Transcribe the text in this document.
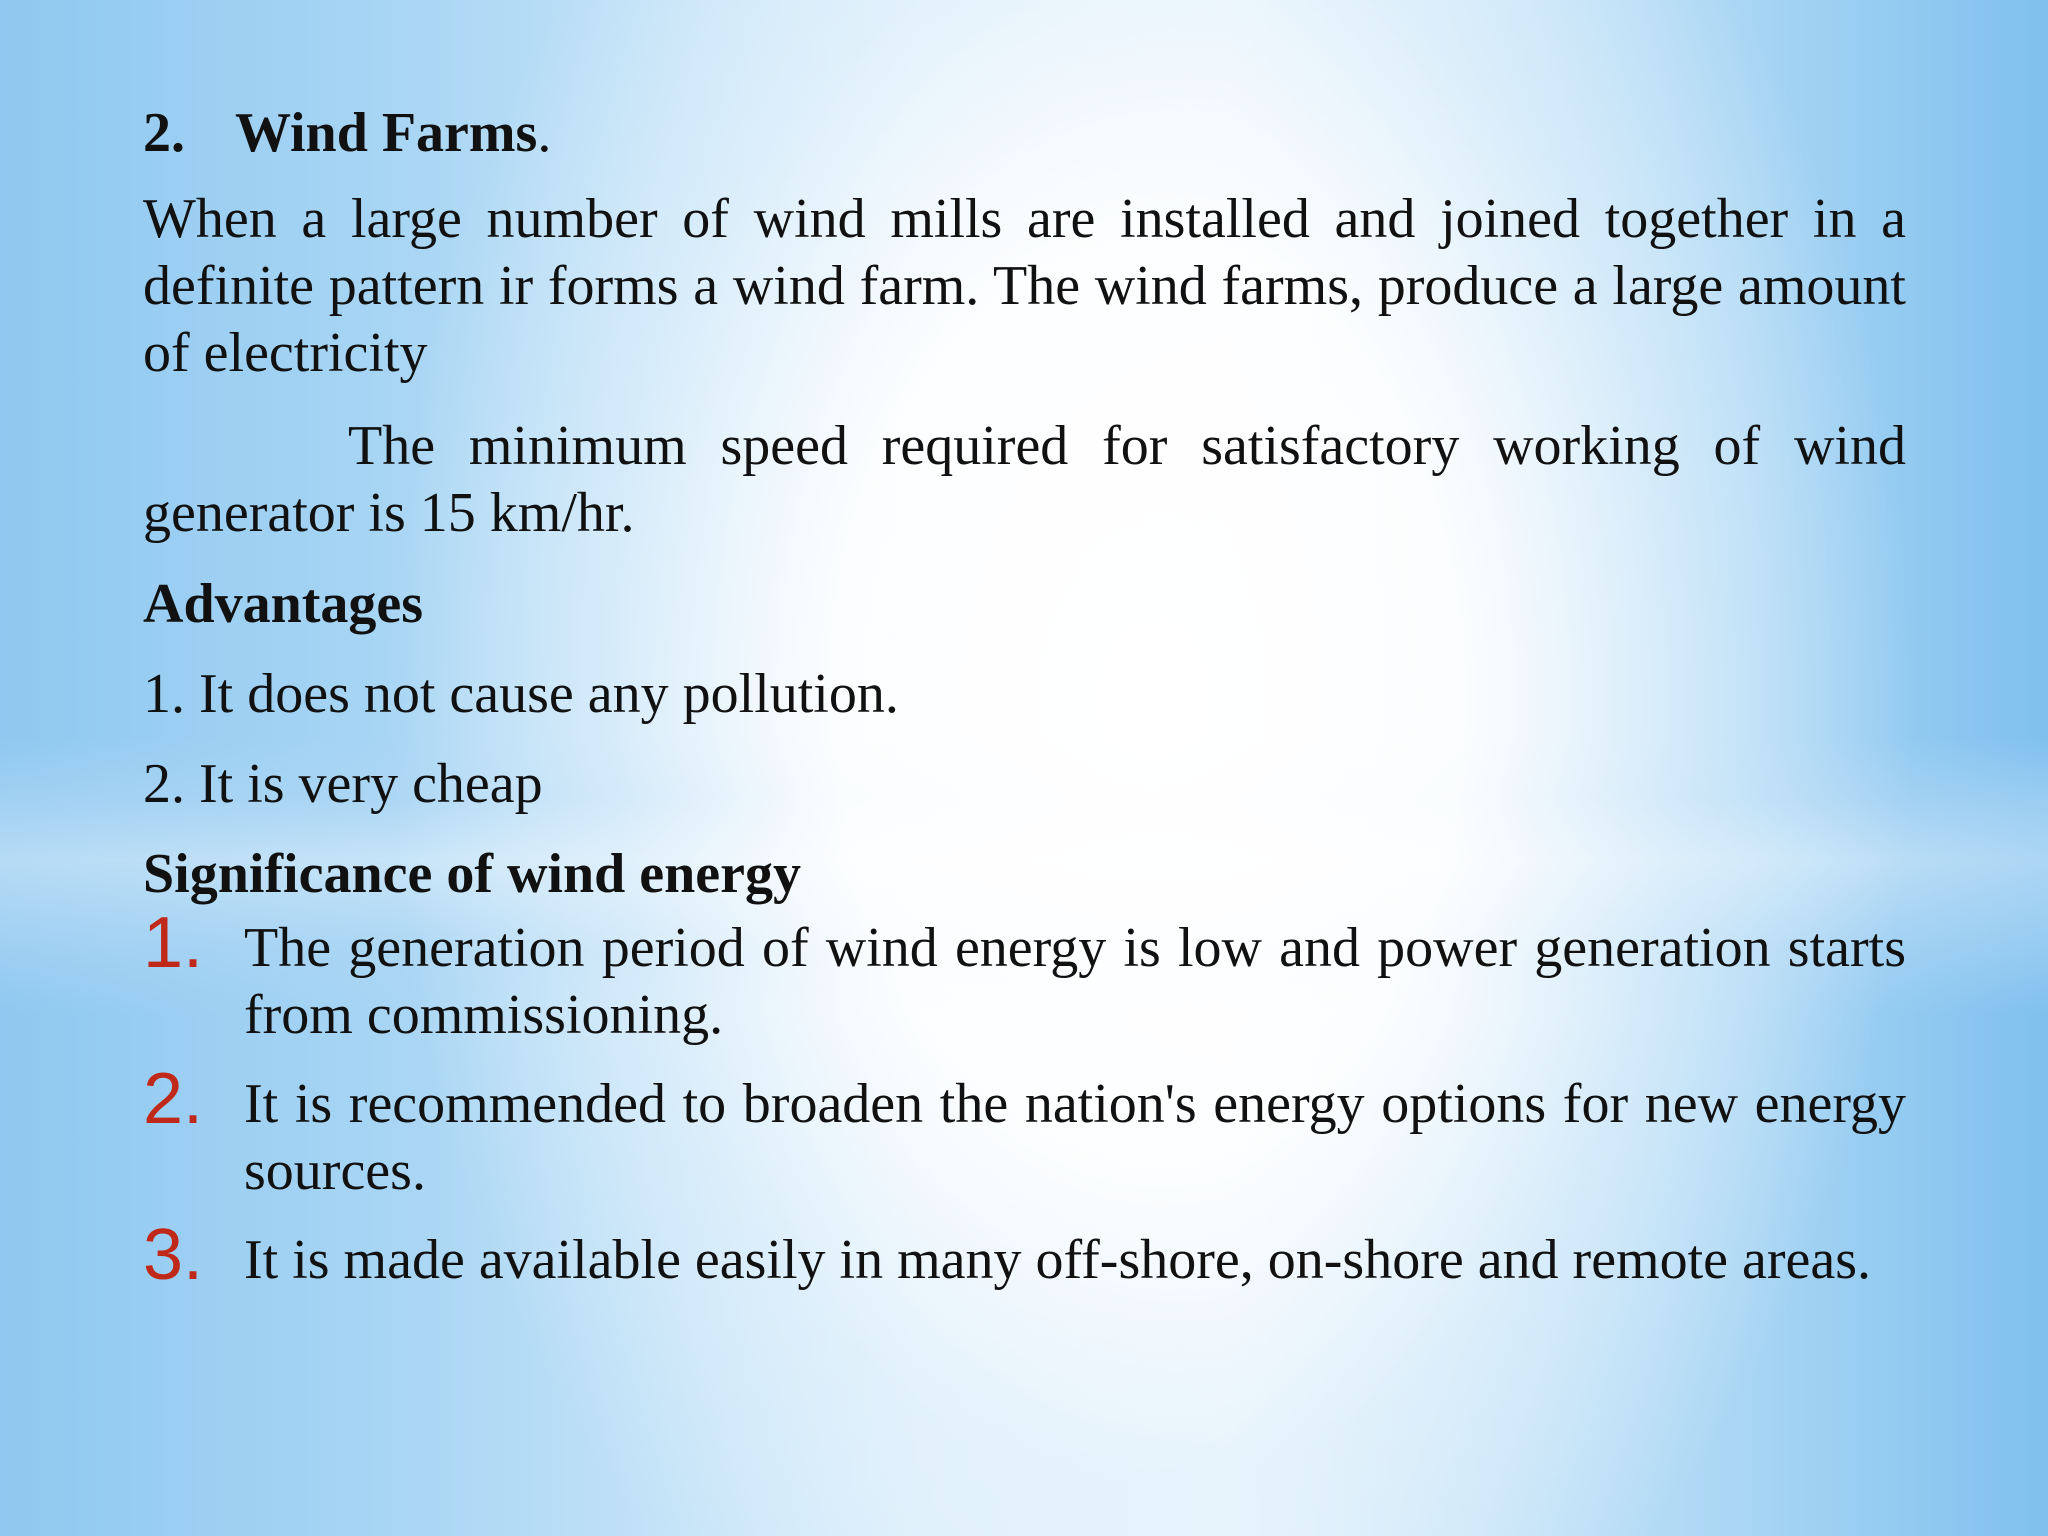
2. Wind Farms.

When a large number of wind mills are installed and joined together in a definite pattern ir forms a wind farm. The wind farms, produce a large amount of electricity

The minimum speed required for satisfactory working of wind generator is 15 km/hr.

Advantages
1. It does not cause any pollution.
2. It is very cheap
Significance of wind energy
1. The generation period of wind energy is low and power generation starts from commissioning.
2. It is recommended to broaden the nation's energy options for new energy sources.
3. It is made available easily in many off-shore, on-shore and remote areas.
